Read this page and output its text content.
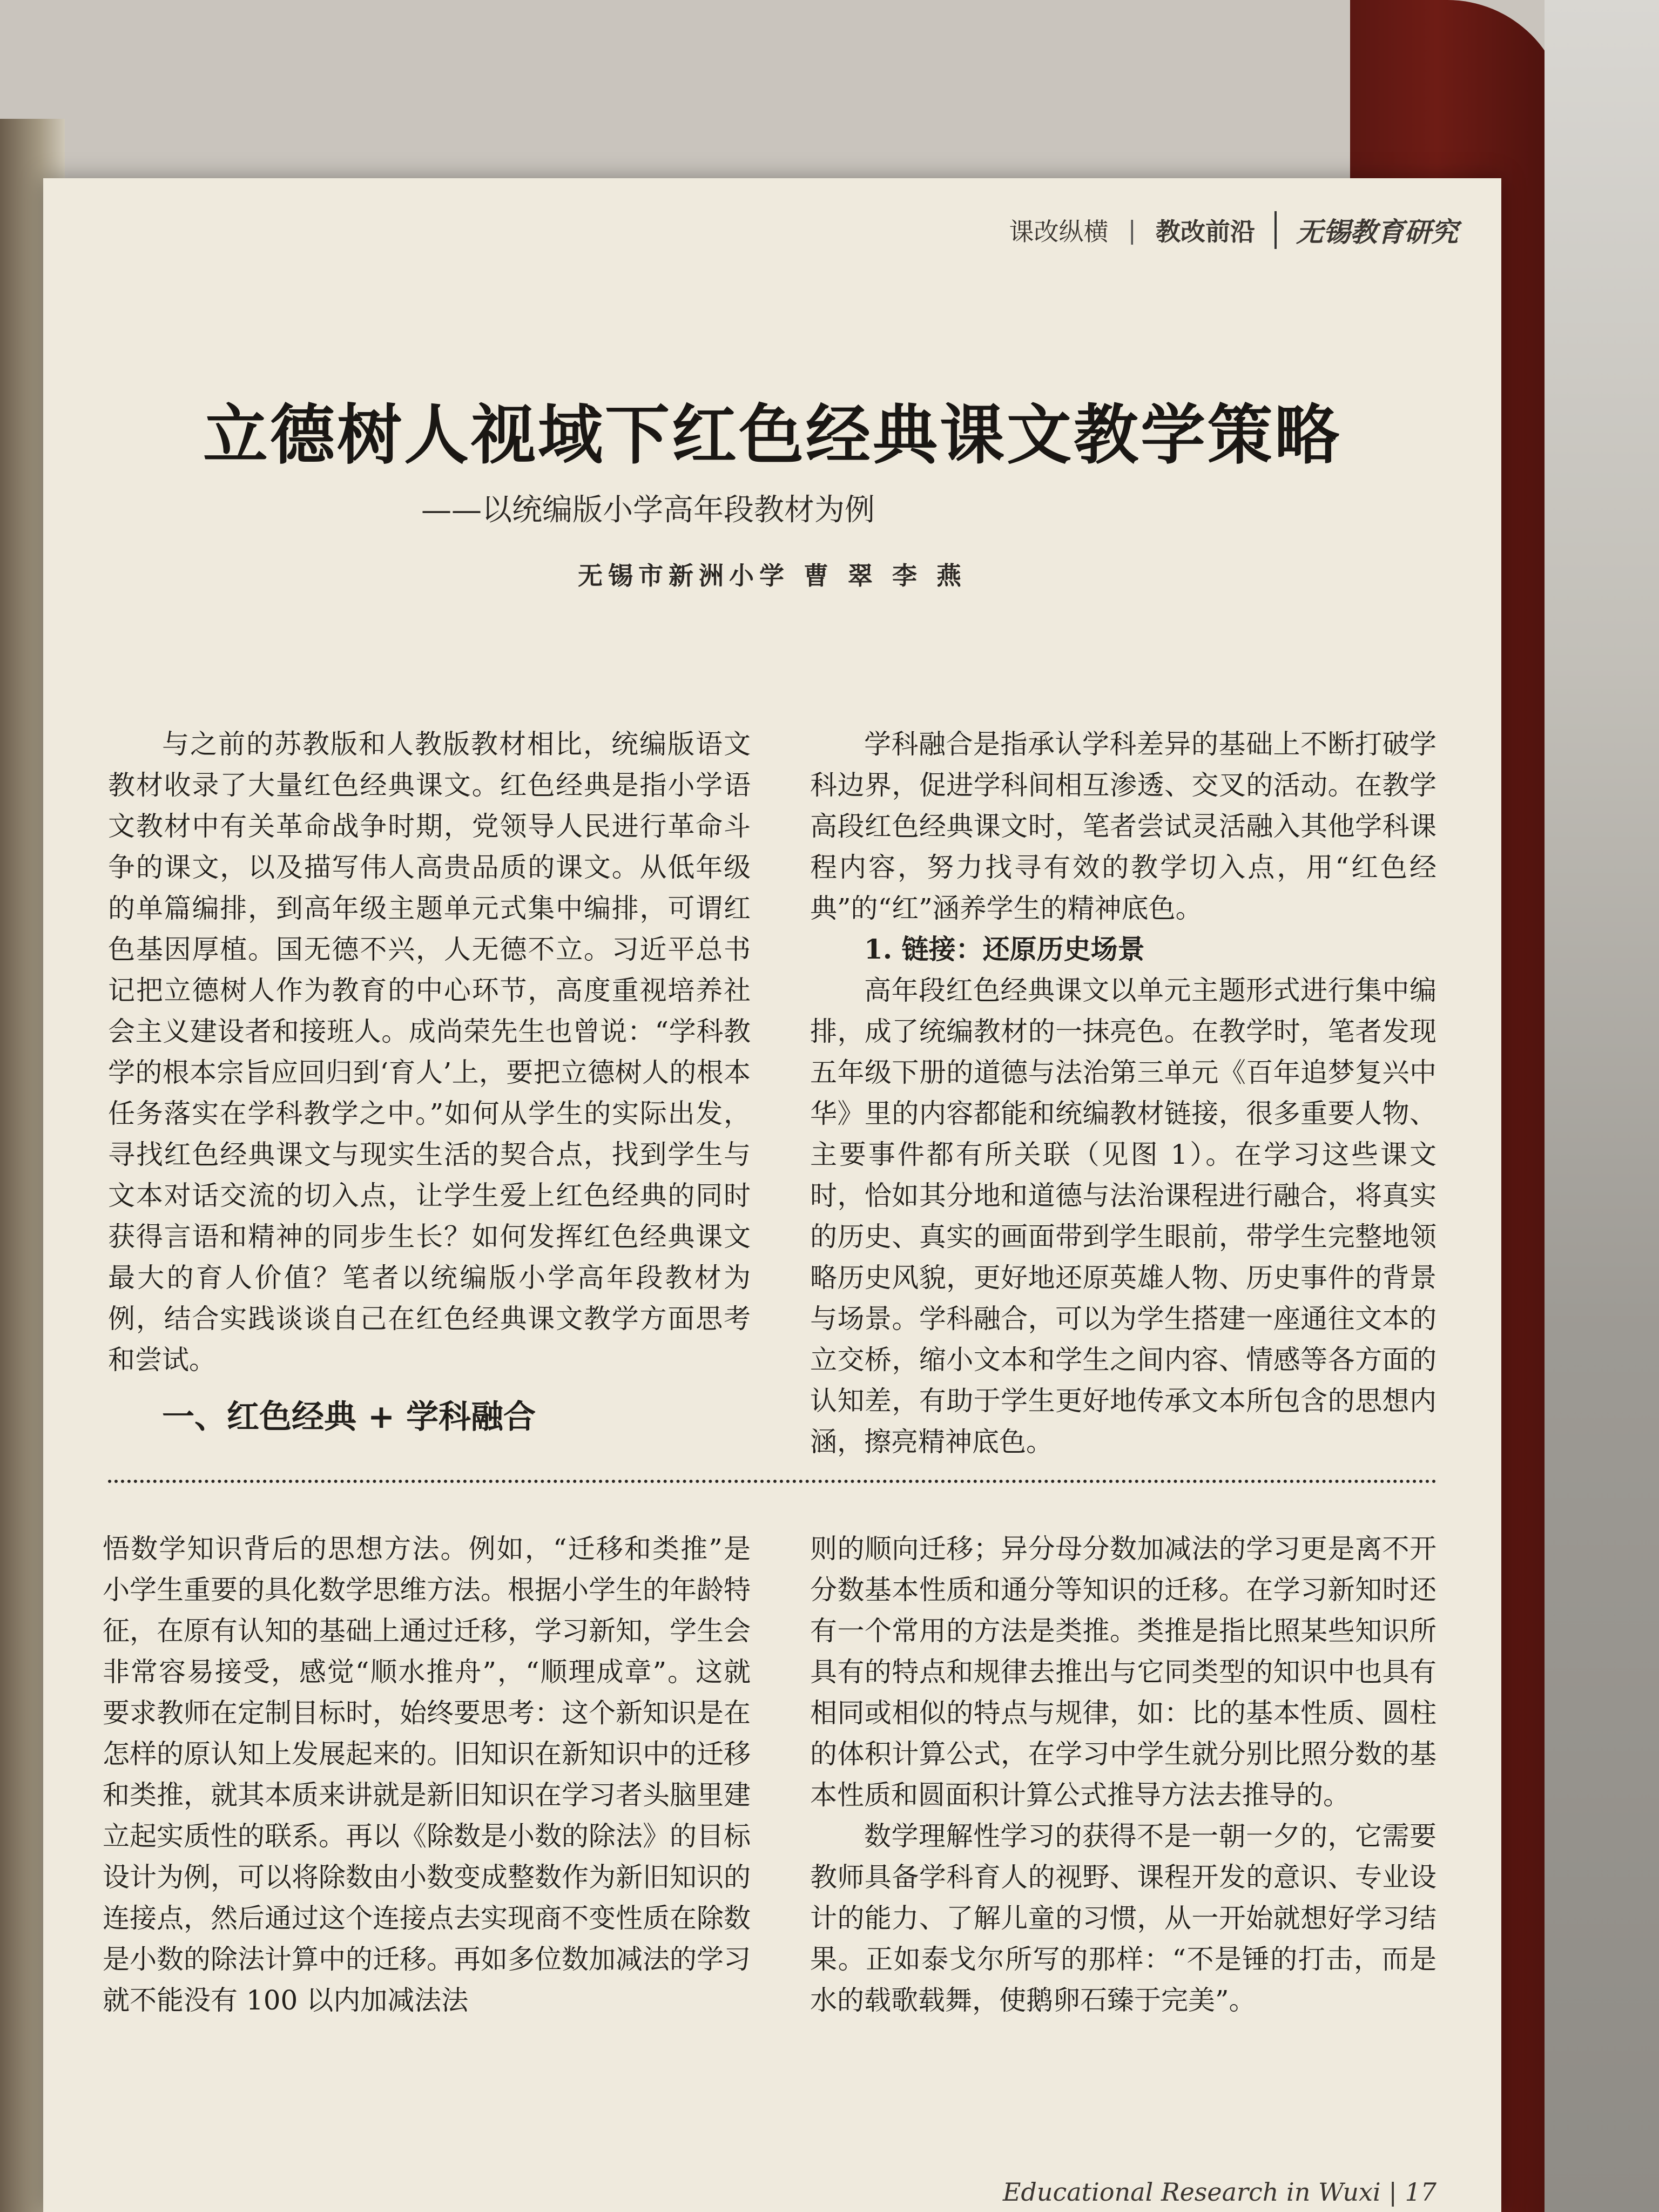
课改纵横 | 教改前沿 无锡教育研究
立德树人视域下红色经典课文教学策略
——以统编版小学高年段教材为例
无锡市新洲小学 曹 翠 李 燕

与之前的苏教版和人教版教材相比，统编版语文教材收录了大量红色经典课文。红色经典是指小学语文教材中有关革命战争时期，党领导人民进行革命斗争的课文，以及描写伟人高贵品质的课文。从低年级的单篇编排，到高年级主题单元式集中编排，可谓红色基因厚植。国无德不兴，人无德不立。习近平总书记把立德树人作为教育的中心环节，高度重视培养社会主义建设者和接班人。成尚荣先生也曾说：“学科教学的根本宗旨应回归到‘育人’上，要把立德树人的根本任务落实在学科教学之中。”如何从学生的实际出发，寻找红色经典课文与现实生活的契合点，找到学生与文本对话交流的切入点，让学生爱上红色经典的同时获得言语和精神的同步生长？如何发挥红色经典课文最大的育人价值？笔者以统编版小学高年段教材为例，结合实践谈谈自己在红色经典课文教学方面思考和尝试。

一、红色经典 + 学科融合

学科融合是指承认学科差异的基础上不断打破学科边界，促进学科间相互渗透、交叉的活动。在教学高段红色经典课文时，笔者尝试灵活融入其他学科课程内容，努力找寻有效的教学切入点，用“红色经典”的“红”涵养学生的精神底色。

1. 链接：还原历史场景

高年段红色经典课文以单元主题形式进行集中编排，成了统编教材的一抹亮色。在教学时，笔者发现五年级下册的道德与法治第三单元《百年追梦复兴中华》里的内容都能和统编教材链接，很多重要人物、主要事件都有所关联（见图 1）。在学习这些课文时，恰如其分地和道德与法治课程进行融合，将真实的历史、真实的画面带到学生眼前，带学生完整地领略历史风貌，更好地还原英雄人物、历史事件的背景与场景。学科融合，可以为学生搭建一座通往文本的立交桥，缩小文本和学生之间内容、情感等各方面的认知差，有助于学生更好地传承文本所包含的思想内涵，擦亮精神底色。

悟数学知识背后的思想方法。例如，“迁移和类推”是小学生重要的具化数学思维方法。根据小学生的年龄特征，在原有认知的基础上通过迁移，学习新知，学生会非常容易接受，感觉“顺水推舟”，“顺理成章”。这就要求教师在定制目标时，始终要思考：这个新知识是在怎样的原认知上发展起来的。旧知识在新知识中的迁移和类推，就其本质来讲就是新旧知识在学习者头脑里建立起实质性的联系。再以《除数是小数的除法》的目标设计为例，可以将除数由小数变成整数作为新旧知识的连接点，然后通过这个连接点去实现商不变性质在除数是小数的除法计算中的迁移。再如多位数加减法的学习就不能没有 100 以内加减法法

则的顺向迁移；异分母分数加减法的学习更是离不开分数基本性质和通分等知识的迁移。在学习新知时还有一个常用的方法是类推。类推是指比照某些知识所具有的特点和规律去推出与它同类型的知识中也具有相同或相似的特点与规律，如：比的基本性质、圆柱的体积计算公式，在学习中学生就分别比照分数的基本性质和圆面积计算公式推导方法去推导的。

数学理解性学习的获得不是一朝一夕的，它需要教师具备学科育人的视野、课程开发的意识、专业设计的能力、了解儿童的习惯，从一开始就想好学习结果。正如泰戈尔所写的那样：“不是锤的打击，而是水的载歌载舞，使鹅卵石臻于完美”。

Educational Research in Wuxi | 17
